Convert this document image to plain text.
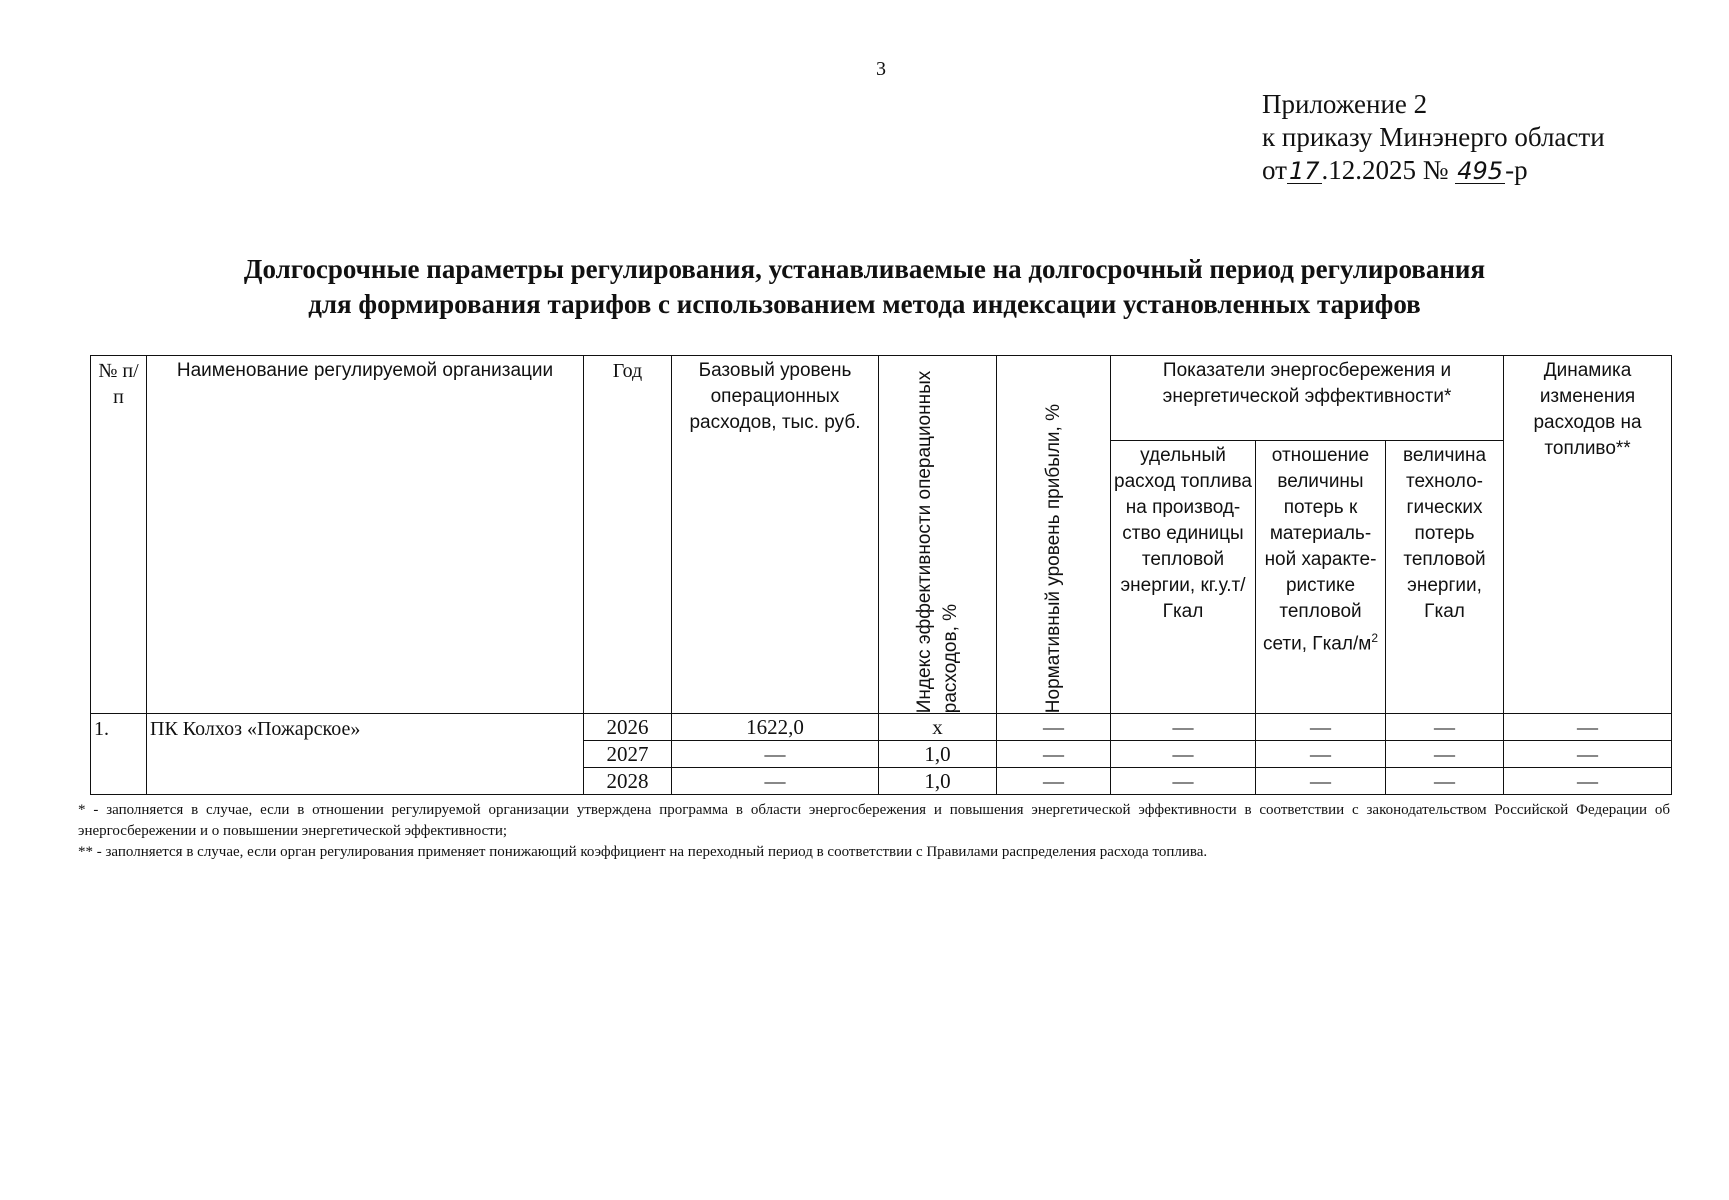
3
Приложение 2
к приказу Минэнерго области
от17.12.2025 № 495-р
Долгосрочные параметры регулирования, устанавливаемые на долгосрочный период регулирования
для формирования тарифов с использованием метода индексации установленных тарифов
№ п/п	Наименование регулируемой организации	Год	Базовый уровень операционных расходов, тыс. руб.	Индекс эффективности операционных расходов, %	Нормативный уровень прибыли, %	Показатели энергосбережения и энергетической эффективности*			Динамика изменения расходов на топливо**
						удельный расход топлива на производ-ство единицы тепловой энергии, кг.у.т/Гкал	отношение величины потерь к материаль-ной характе-ристике тепловой сети, Гкал/$м^2$	величина техноло-гических потерь тепловой энергии, Гкал	
1.	ПК Колхоз «Пожарское»	2026	1622,0	x	—	—	—	—	—
		2027	—	1,0	—	—	—	—	—
		2028	—	1,0	—	—	—	—	—

* - заполняется в случае, если в отношении регулируемой организации утверждена программа в области энергосбережения и повышения энергетической эффективности в соответствии с законодательством Российской Федерации об энергосбережении и о повышении энергетической эффективности;

** - заполняется в случае, если орган регулирования применяет понижающий коэффициент на переходный период в соответствии с Правилами распределения расхода топлива.
